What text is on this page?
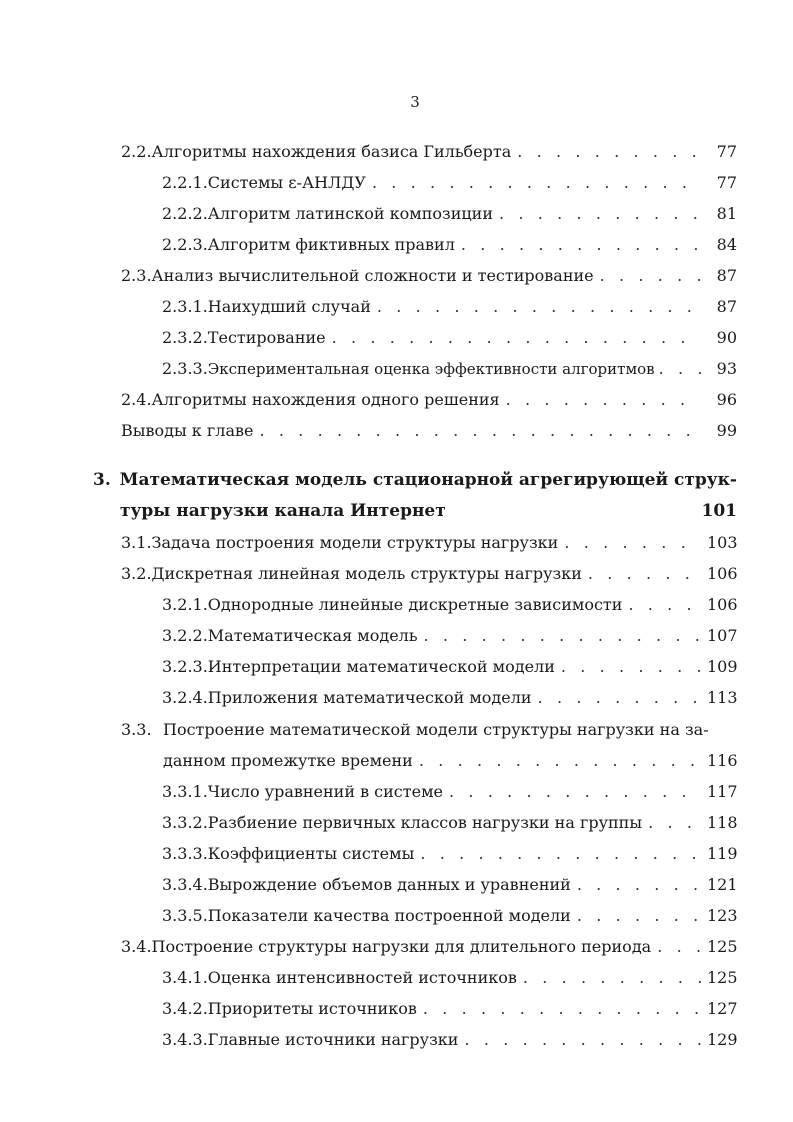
3
2.2. Алгоритмы нахождения базиса Гильберта . . .	77
2.2.1. Системы ε-АНЛДУ . . .	77
2.2.2. Алгоритм латинской композиции . . .	81
2.2.3. Алгоритм фиктивных правил . . .	84
2.3. Анализ вычислительной сложности и тестирование . . .	87
2.3.1. Наихудший случай . . .	87
2.3.2. Тестирование . . .	90
2.3.3. Экспериментальная оценка эффективности алгоритмов . . .	93
2.4. Алгоритмы нахождения одного решения . . .	96
Выводы к главе . . .	99
3. Математическая модель стационарной агрегирующей струк-
туры нагрузки канала Интернет	101
3.1. Задача построения модели структуры нагрузки . . .	103
3.2. Дискретная линейная модель структуры нагрузки . . .	106
3.2.1. Однородные линейные дискретные зависимости . . .	106
3.2.2. Математическая модель . . .	107
3.2.3. Интерпретации математической модели . . .	109
3.2.4. Приложения математической модели . . .	113
3.3. Построение математической модели структуры нагрузки на за-
данном промежутке времени . . .	116
3.3.1. Число уравнений в системе . . .	117
3.3.2. Разбиение первичных классов нагрузки на группы . . .	118
3.3.3. Коэффициенты системы . . .	119
3.3.4. Вырождение объемов данных и уравнений . . .	121
3.3.5. Показатели качества построенной модели . . .	123
3.4. Построение структуры нагрузки для длительного периода . . .	125
3.4.1. Оценка интенсивностей источников . . .	125
3.4.2. Приоритеты источников . . .	127
3.4.3. Главные источники нагрузки . . .	129
